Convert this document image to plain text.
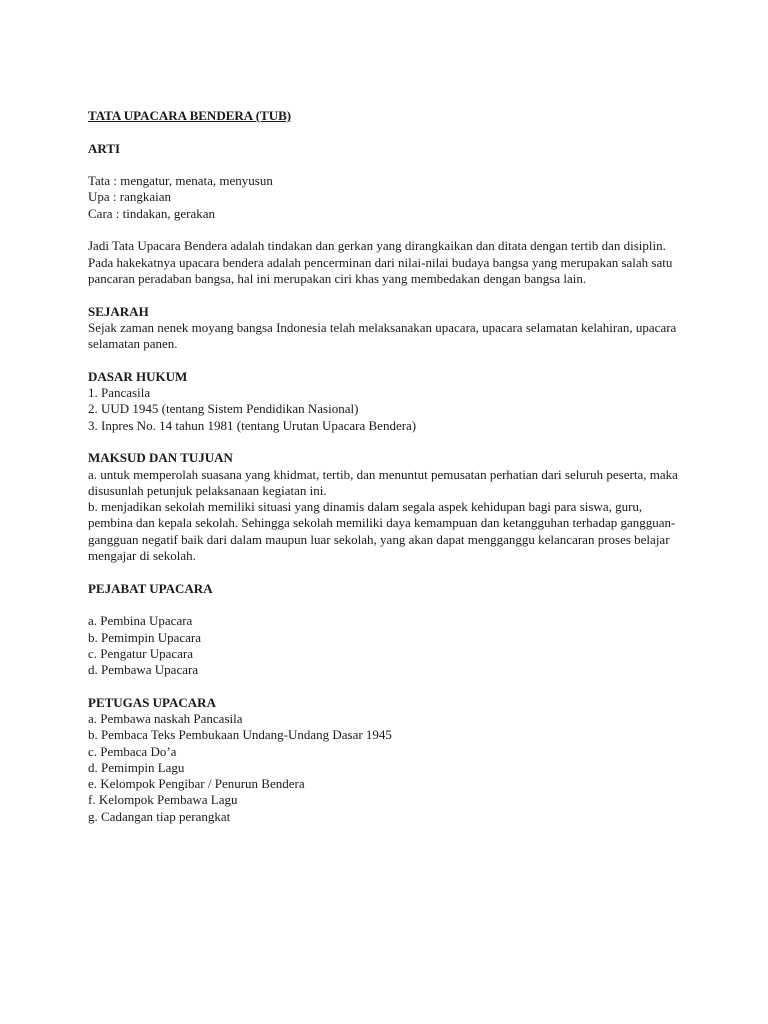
TATA UPACARA BENDERA (TUB)

ARTI

Tata : mengatur, menata, menyusun

Upa : rangkaian

Cara : tindakan, gerakan

Jadi Tata Upacara Bendera adalah tindakan dan gerkan yang dirangkaikan dan ditata dengan tertib dan disiplin. Pada hakekatnya upacara bendera adalah pencerminan dari nilai-nilai budaya bangsa yang merupakan salah satu pancaran peradaban bangsa, hal ini merupakan ciri khas yang membedakan dengan bangsa lain.

SEJARAH

Sejak zaman nenek moyang bangsa Indonesia telah melaksanakan upacara, upacara selamatan kelahiran, upacara selamatan panen.

DASAR HUKUM

1. Pancasila

2. UUD 1945 (tentang Sistem Pendidikan Nasional)

3. Inpres No. 14 tahun 1981 (tentang Urutan Upacara Bendera)

MAKSUD DAN TUJUAN

a. untuk memperolah suasana yang khidmat, tertib, dan menuntut pemusatan perhatian dari seluruh peserta, maka disusunlah petunjuk pelaksanaan kegiatan ini.

b. menjadikan sekolah memiliki situasi yang dinamis dalam segala aspek kehidupan bagi para siswa, guru, pembina dan kepala sekolah. Sehingga sekolah memiliki daya kemampuan dan ketangguhan terhadap gangguan-gangguan negatif baik dari dalam maupun luar sekolah, yang akan dapat mengganggu kelancaran proses belajar mengajar di sekolah.

PEJABAT UPACARA

a. Pembina Upacara

b. Pemimpin Upacara

c. Pengatur Upacara

d. Pembawa Upacara

PETUGAS UPACARA

a. Pembawa naskah Pancasila

b. Pembaca Teks Pembukaan Undang-Undang Dasar 1945

c. Pembaca Do’a

d. Pemimpin Lagu

e. Kelompok Pengibar / Penurun Bendera

f. Kelompok Pembawa Lagu

g. Cadangan tiap perangkat
